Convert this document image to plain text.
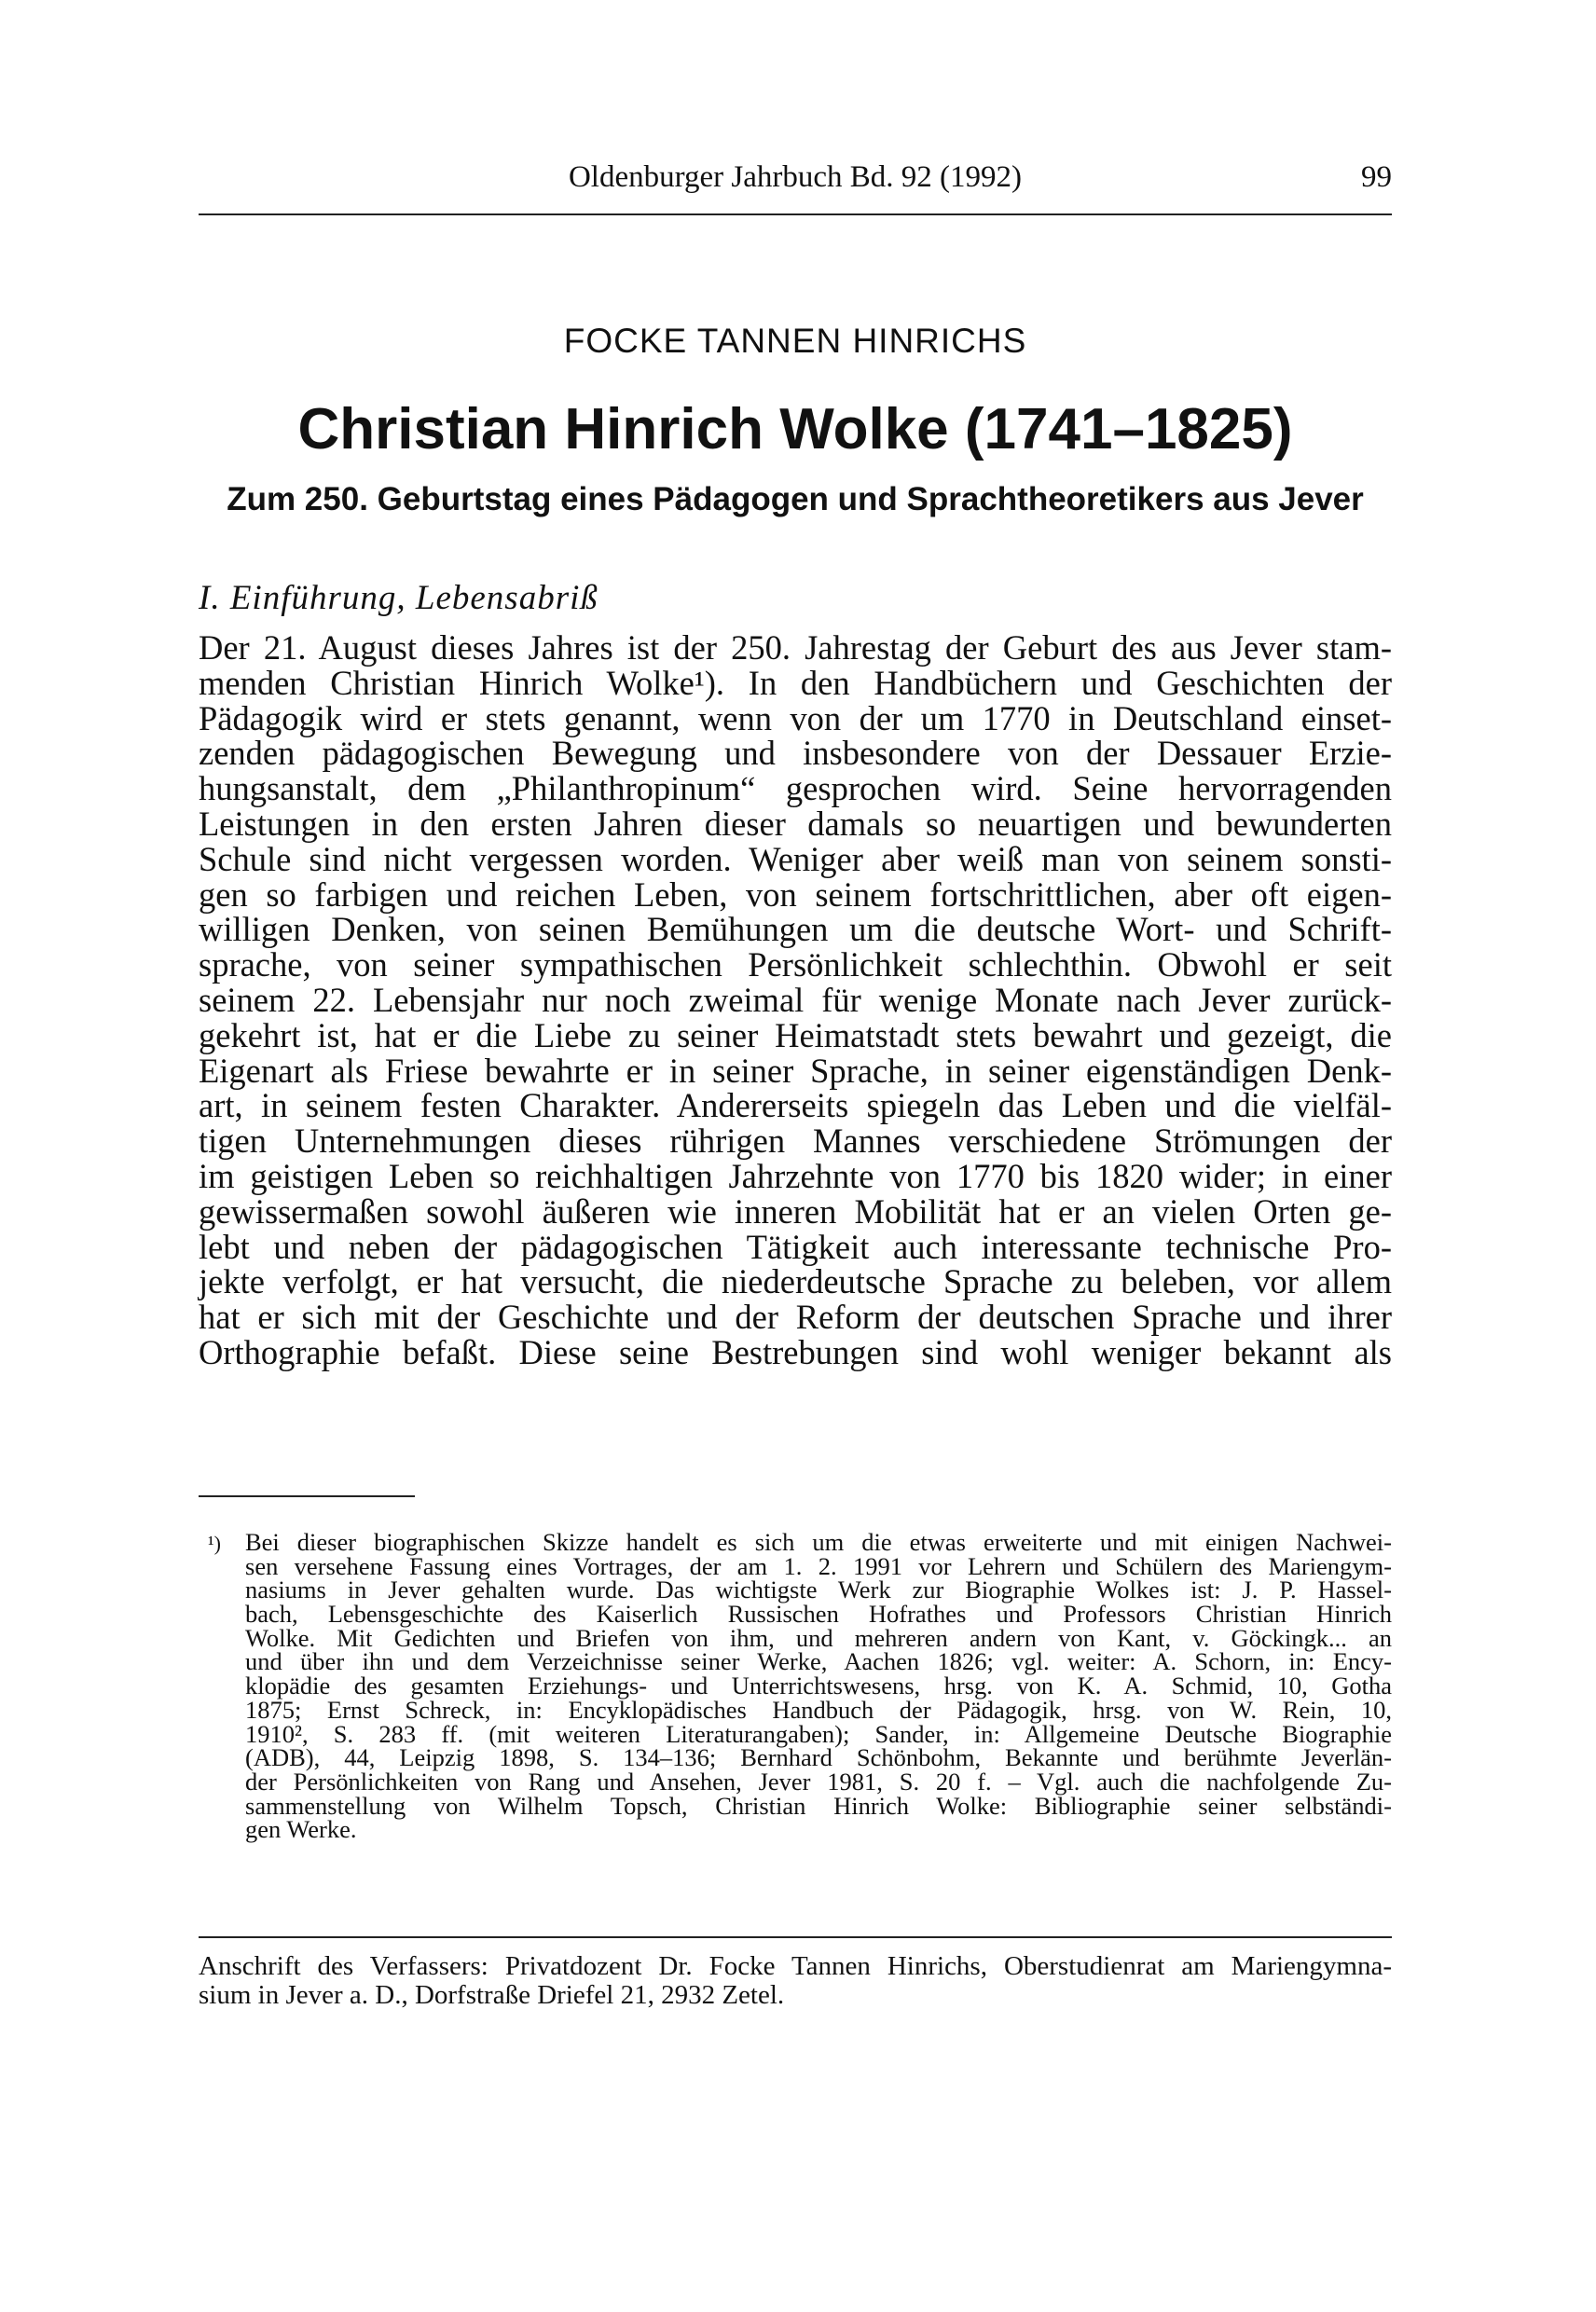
Oldenburger Jahrbuch Bd. 92 (1992)	99
FOCKE TANNEN HINRICHS
Christian Hinrich Wolke (1741–1825)
Zum 250. Geburtstag eines Pädagogen und Sprachtheoretikers aus Jever
I. Einführung, Lebensabriß
Der 21. August dieses Jahres ist der 250. Jahrestag der Geburt des aus Jever stam-
menden Christian Hinrich Wolke¹). In den Handbüchern und Geschichten der
Pädagogik wird er stets genannt, wenn von der um 1770 in Deutschland einset-
zenden pädagogischen Bewegung und insbesondere von der Dessauer Erzie-
hungsanstalt, dem „Philanthropinum“ gesprochen wird. Seine hervorragenden
Leistungen in den ersten Jahren dieser damals so neuartigen und bewunderten
Schule sind nicht vergessen worden. Weniger aber weiß man von seinem sonsti-
gen so farbigen und reichen Leben, von seinem fortschrittlichen, aber oft eigen-
willigen Denken, von seinen Bemühungen um die deutsche Wort- und Schrift-
sprache, von seiner sympathischen Persönlichkeit schlechthin. Obwohl er seit
seinem 22. Lebensjahr nur noch zweimal für wenige Monate nach Jever zurück-
gekehrt ist, hat er die Liebe zu seiner Heimatstadt stets bewahrt und gezeigt, die
Eigenart als Friese bewahrte er in seiner Sprache, in seiner eigenständigen Denk-
art, in seinem festen Charakter. Andererseits spiegeln das Leben und die vielfäl-
tigen Unternehmungen dieses rührigen Mannes verschiedene Strömungen der
im geistigen Leben so reichhaltigen Jahrzehnte von 1770 bis 1820 wider; in einer
gewissermaßen sowohl äußeren wie inneren Mobilität hat er an vielen Orten ge-
lebt und neben der pädagogischen Tätigkeit auch interessante technische Pro-
jekte verfolgt, er hat versucht, die niederdeutsche Sprache zu beleben, vor allem
hat er sich mit der Geschichte und der Reform der deutschen Sprache und ihrer
Orthographie befaßt. Diese seine Bestrebungen sind wohl weniger bekannt als
¹) Bei dieser biographischen Skizze handelt es sich um die etwas erweiterte und mit einigen Nachwei-
sen versehene Fassung eines Vortrages, der am 1. 2. 1991 vor Lehrern und Schülern des Mariengym-
nasiums in Jever gehalten wurde. Das wichtigste Werk zur Biographie Wolkes ist: J. P. Hassel-
bach, Lebensgeschichte des Kaiserlich Russischen Hofrathes und Professors Christian Hinrich
Wolke. Mit Gedichten und Briefen von ihm, und mehreren andern von Kant, v. Göckingk... an
und über ihn und dem Verzeichnisse seiner Werke, Aachen 1826; vgl. weiter: A. Schorn, in: Ency-
klopädie des gesamten Erziehungs- und Unterrichtswesens, hrsg. von K. A. Schmid, 10, Gotha
1875; Ernst Schreck, in: Encyklopädisches Handbuch der Pädagogik, hrsg. von W. Rein, 10,
1910², S. 283 ff. (mit weiteren Literaturangaben); Sander, in: Allgemeine Deutsche Biographie
(ADB), 44, Leipzig 1898, S. 134–136; Bernhard Schönbohm, Bekannte und berühmte Jeverlän-
der Persönlichkeiten von Rang und Ansehen, Jever 1981, S. 20 f. – Vgl. auch die nachfolgende Zu-
sammenstellung von Wilhelm Topsch, Christian Hinrich Wolke: Bibliographie seiner selbständi-
gen Werke.
Anschrift des Verfassers: Privatdozent Dr. Focke Tannen Hinrichs, Oberstudienrat am Mariengymna-
sium in Jever a. D., Dorfstraße Driefel 21, 2932 Zetel.
